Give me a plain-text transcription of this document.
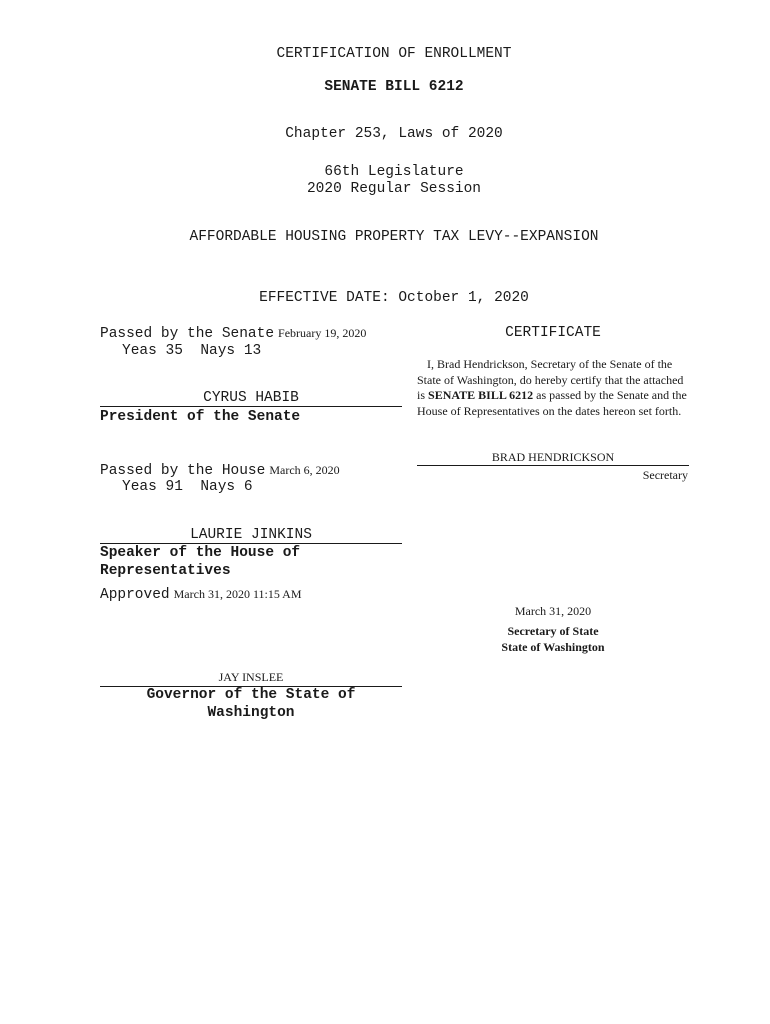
CERTIFICATION OF ENROLLMENT
SENATE BILL 6212
Chapter 253, Laws of 2020
66th Legislature
2020 Regular Session
AFFORDABLE HOUSING PROPERTY TAX LEVY--EXPANSION
EFFECTIVE DATE: October 1, 2020
Passed by the Senate February 19, 2020
Yeas 35  Nays 13
CYRUS HABIB
President of the Senate
Passed by the House March 6, 2020
Yeas 91  Nays 6
LAURIE JINKINS
Speaker of the House of
Representatives
Approved March 31, 2020 11:15 AM
JAY INSLEE
Governor of the State of
Washington
CERTIFICATE
I, Brad Hendrickson, Secretary of the Senate of the State of Washington, do hereby certify that the attached is SENATE BILL 6212 as passed by the Senate and the House of Representatives on the dates hereon set forth.
BRAD HENDRICKSON
Secretary
March 31, 2020
Secretary of State
State of Washington
